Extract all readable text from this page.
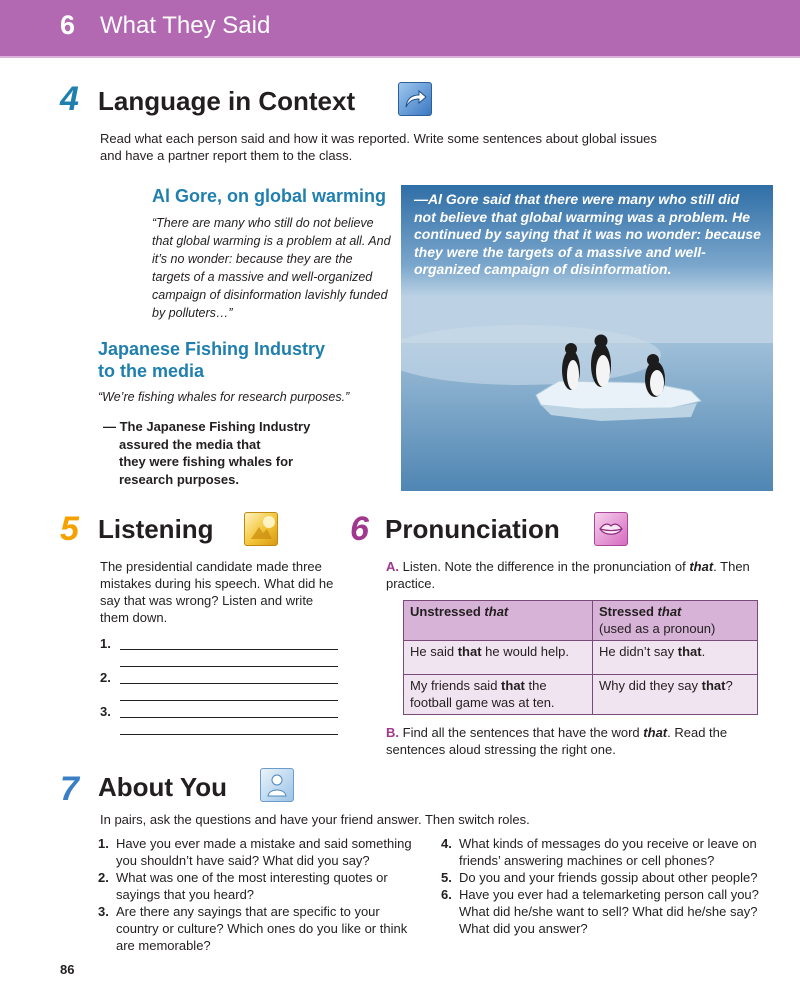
6 What They Said
4 Language in Context
Read what each person said and how it was reported. Write some sentences about global issues and have a partner report them to the class.
Al Gore, on global warming
“There are many who still do not believe that global warming is a problem at all. And it’s no wonder: because they are the targets of a massive and well-organized campaign of disinformation lavishly funded by polluters…”
—Al Gore said that there were many who still did not believe that global warming was a problem. He continued by saying that it was no wonder: because they were the targets of a massive and well-organized campaign of disinformation.
Japanese Fishing Industry to the media
“We’re fishing whales for research purposes.”
— The Japanese Fishing Industry

assured the media that
they were fishing whales for
research purposes.
5 Listening
The presidential candidate made three mistakes during his speech. What did he say that was wrong? Listen and write them down.
1.
2.
3.
6 Pronunciation
A. Listen. Note the difference in the pronunciation of that. Then practice.
Unstressed that	Stressed that
(used as a pronoun)
He said that he would help.	He didn’t say that.
My friends said that the football game was at ten.	Why did they say that?
B. Find all the sentences that have the word that. Read the sentences aloud stressing the right one.
7 About You
In pairs, ask the questions and have your friend answer. Then switch roles.
1. Have you ever made a mistake and said something you shouldn’t have said? What did you say?
2. What was one of the most interesting quotes or sayings that you heard?
3. Are there any sayings that are specific to your country or culture? Which ones do you like or think are memorable?
4. What kinds of messages do you receive or leave on friends’ answering machines or cell phones?
5. Do you and your friends gossip about other people?
6. Have you ever had a telemarketing person call you? What did he/she want to sell? What did he/she say? What did you answer?
86
